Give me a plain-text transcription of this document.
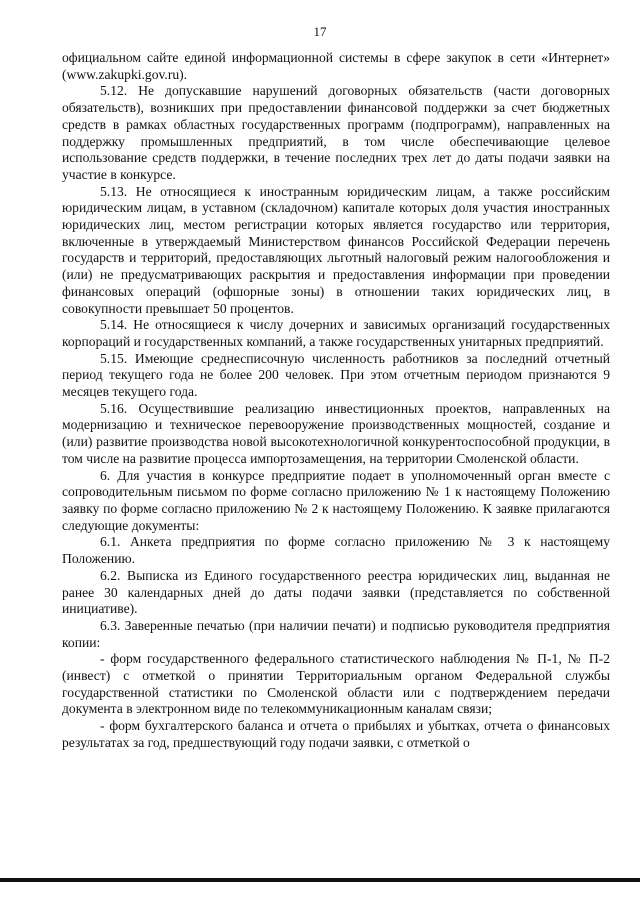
17

официальном сайте единой информационной системы в сфере закупок в сети «Интернет» (www.zakupki.gov.ru).

5.12. Не допускавшие нарушений договорных обязательств (части договорных обязательств), возникших при предоставлении финансовой поддержки за счет бюджетных средств в рамках областных государственных программ (подпрограмм), направленных на поддержку промышленных предприятий, в том числе обеспечивающие целевое использование средств поддержки, в течение последних трех лет до даты подачи заявки на участие в конкурсе.

5.13. Не относящиеся к иностранным юридическим лицам, а также российским юридическим лицам, в уставном (складочном) капитале которых доля участия иностранных юридических лиц, местом регистрации которых является государство или территория, включенные в утверждаемый Министерством финансов Российской Федерации перечень государств и территорий, предоставляющих льготный налоговый режим налогообложения и (или) не предусматривающих раскрытия и предоставления информации при проведении финансовых операций (офшорные зоны) в отношении таких юридических лиц, в совокупности превышает 50 процентов.

5.14. Не относящиеся к числу дочерних и зависимых организаций государственных корпораций и государственных компаний, а также государственных унитарных предприятий.

5.15. Имеющие среднесписочную численность работников за последний отчетный период текущего года не более 200 человек. При этом отчетным периодом признаются 9 месяцев текущего года.

5.16. Осуществившие реализацию инвестиционных проектов, направленных на модернизацию и техническое перевооружение производственных мощностей, создание и (или) развитие производства новой высокотехнологичной конкурентоспособной продукции, в том числе на развитие процесса импортозамещения, на территории Смоленской области.

6. Для участия в конкурсе предприятие подает в уполномоченный орган вместе с сопроводительным письмом по форме согласно приложению № 1 к настоящему Положению заявку по форме согласно приложению № 2 к настоящему Положению. К заявке прилагаются следующие документы:

6.1. Анкета предприятия по форме согласно приложению № 3 к настоящему Положению.

6.2. Выписка из Единого государственного реестра юридических лиц, выданная не ранее 30 календарных дней до даты подачи заявки (представляется по собственной инициативе).

6.3. Заверенные печатью (при наличии печати) и подписью руководителя предприятия копии:

- форм государственного федерального статистического наблюдения № П-1, № П-2 (инвест) с отметкой о принятии Территориальным органом Федеральной службы государственной статистики по Смоленской области или с подтверждением передачи документа в электронном виде по телекоммуникационным каналам связи;

- форм бухгалтерского баланса и отчета о прибылях и убытках, отчета о финансовых результатах за год, предшествующий году подачи заявки, с отметкой о
